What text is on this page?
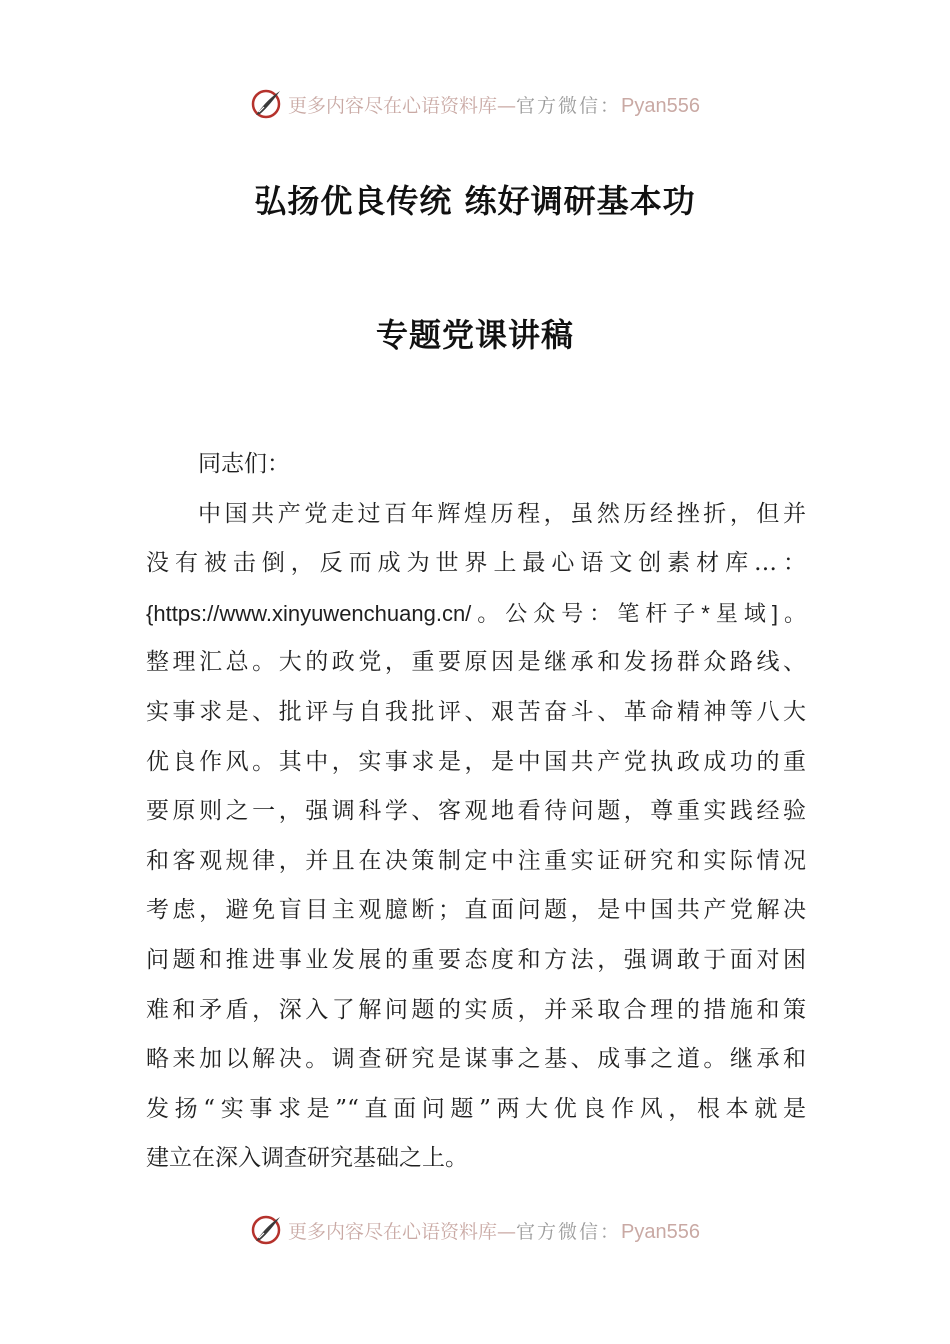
更多内容尽在心语资料库—官方微信：Pyan556
弘扬优良传统 练好调研基本功
专题党课讲稿
同志们：
中国共产党走过百年辉煌历程，虽然历经挫折，但并
没有被击倒，反而成为世界上最心语文创素材库…：
{https://www.xinyuwenchuang.cn/。公众号：笔杆子*星域]。
整理汇总。大的政党，重要原因是继承和发扬群众路线、
实事求是、批评与自我批评、艰苦奋斗、革命精神等八大
优良作风。其中，实事求是，是中国共产党执政成功的重
要原则之一，强调科学、客观地看待问题，尊重实践经验
和客观规律，并且在决策制定中注重实证研究和实际情况
考虑，避免盲目主观臆断；直面问题，是中国共产党解决
问题和推进事业发展的重要态度和方法，强调敢于面对困
难和矛盾，深入了解问题的实质，并采取合理的措施和策
略来加以解决。调查研究是谋事之基、成事之道。继承和
发扬“实事求是”“直面问题”两大优良作风，根本就是
建立在深入调查研究基础之上。
更多内容尽在心语资料库—官方微信：Pyan556
